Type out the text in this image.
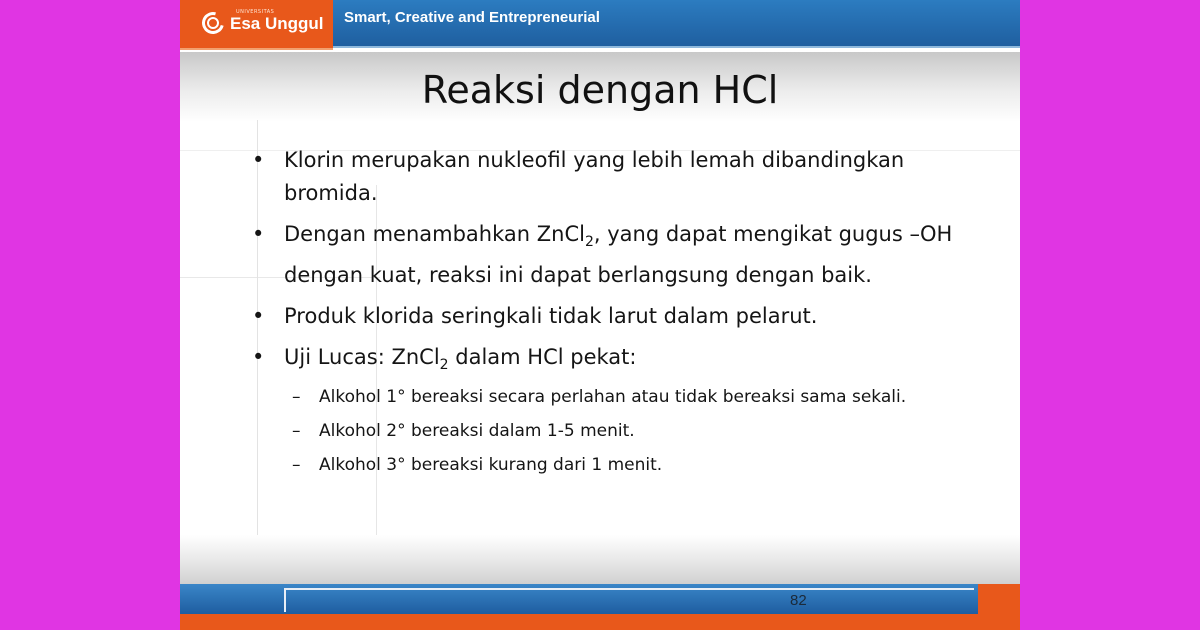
UNIVERSITAS
Esa Unggul Smart, Creative and Entrepreneurial
Reaksi dengan HCl
• Klorin merupakan nukleofil yang lebih lemah dibandingkan bromida.
• Dengan menambahkan ZnCl$_2$, yang dapat mengikat gugus –OH dengan kuat, reaksi ini dapat berlangsung dengan baik.
• Produk klorida seringkali tidak larut dalam pelarut.
• Uji Lucas: ZnCl$_2$ dalam HCl pekat:
– Alkohol 1° bereaksi secara perlahan atau tidak bereaksi sama sekali.
– Alkohol 2° bereaksi dalam 1-5 menit.
– Alkohol 3° bereaksi kurang dari 1 menit.
82
